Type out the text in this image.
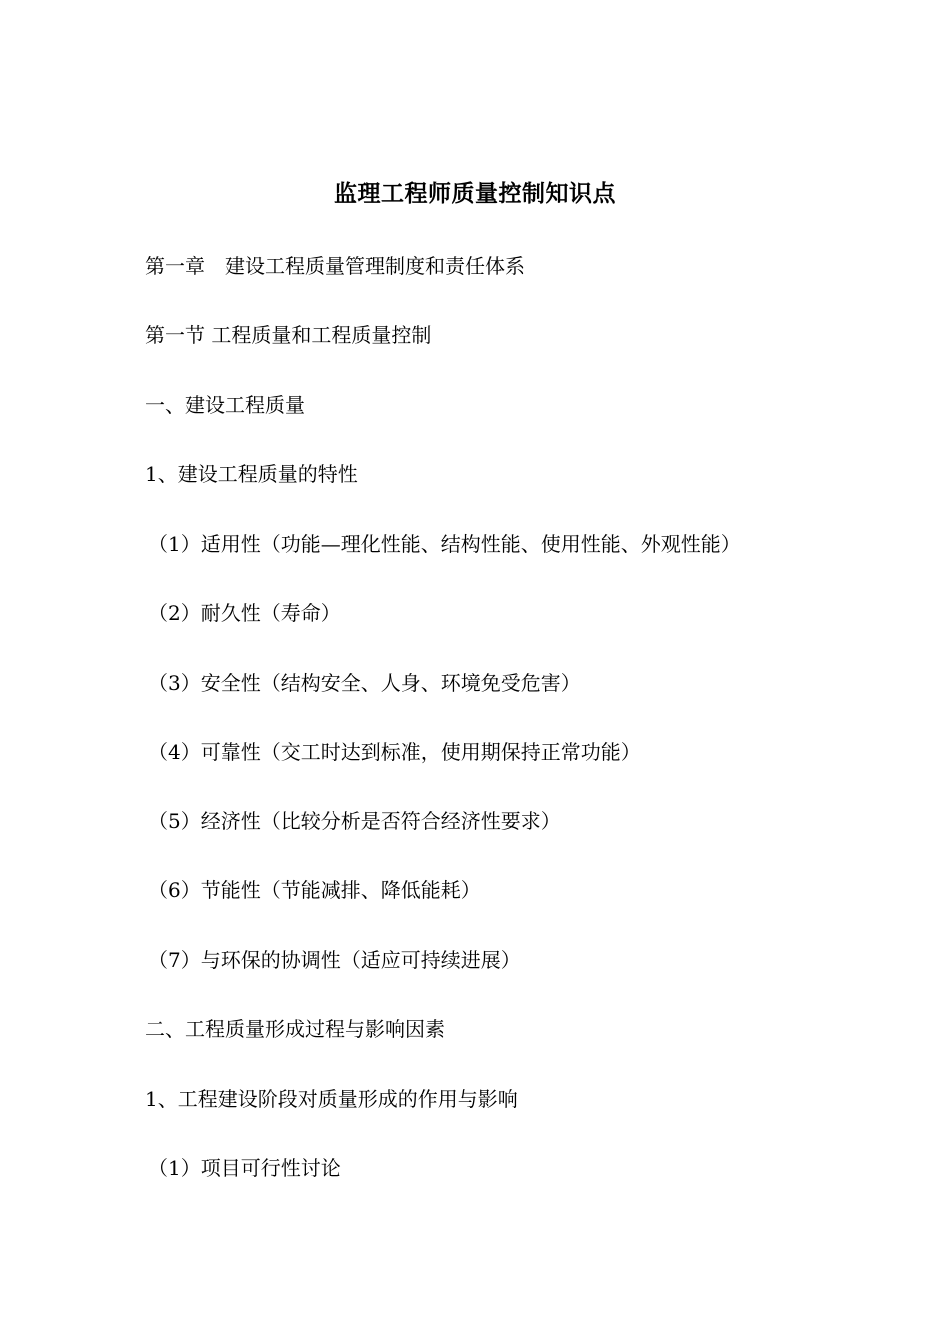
监理工程师质量控制知识点
第一章　建设工程质量管理制度和责任体系
第一节 工程质量和工程质量控制
一、建设工程质量
1、建设工程质量的特性
（1）适用性（功能—理化性能、结构性能、使用性能、外观性能）
（2）耐久性（寿命）
（3）安全性（结构安全、人身、环境免受危害）
（4）可靠性（交工时达到标准，使用期保持正常功能）
（5）经济性（比较分析是否符合经济性要求）
（6）节能性（节能减排、降低能耗）
（7）与环保的协调性（适应可持续进展）
二、工程质量形成过程与影响因素
1、工程建设阶段对质量形成的作用与影响
（1）项目可行性讨论
